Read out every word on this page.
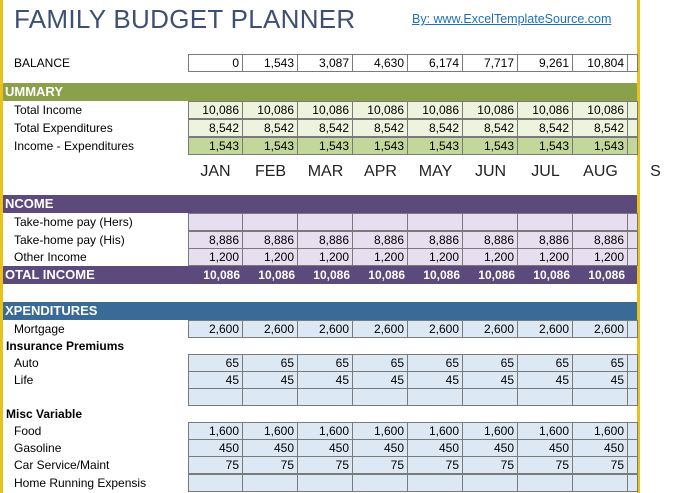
FAMILY BUDGET PLANNER	By: www.ExcelTemplateSource.com
BALANCE	0	1,543	3,087	4,630	6,174	7,717	9,261	10,804
UMMARY
Total Income	10,086	10,086	10,086	10,086	10,086	10,086	10,086	10,086
Total Expenditures	8,542	8,542	8,542	8,542	8,542	8,542	8,542	8,542
Income - Expenditures	1,543	1,543	1,543	1,543	1,543	1,543	1,543	1,543
JAN	FEB	MAR	APR	MAY	JUN	JUL	AUG	S
NCOME
Take-home pay (Hers)
Take-home pay (His)	8,886	8,886	8,886	8,886	8,886	8,886	8,886	8,886
Other Income	1,200	1,200	1,200	1,200	1,200	1,200	1,200	1,200
OTAL INCOME	10,086	10,086	10,086	10,086	10,086	10,086	10,086	10,086
XPENDITURES
Mortgage	2,600	2,600	2,600	2,600	2,600	2,600	2,600	2,600
Insurance Premiums
Auto	65	65	65	65	65	65	65	65
Life	45	45	45	45	45	45	45	45
Misc Variable
Food	1,600	1,600	1,600	1,600	1,600	1,600	1,600	1,600
Gasoline	450	450	450	450	450	450	450	450
Car Service/Maint	75	75	75	75	75	75	75	75
Home Running Expensis
